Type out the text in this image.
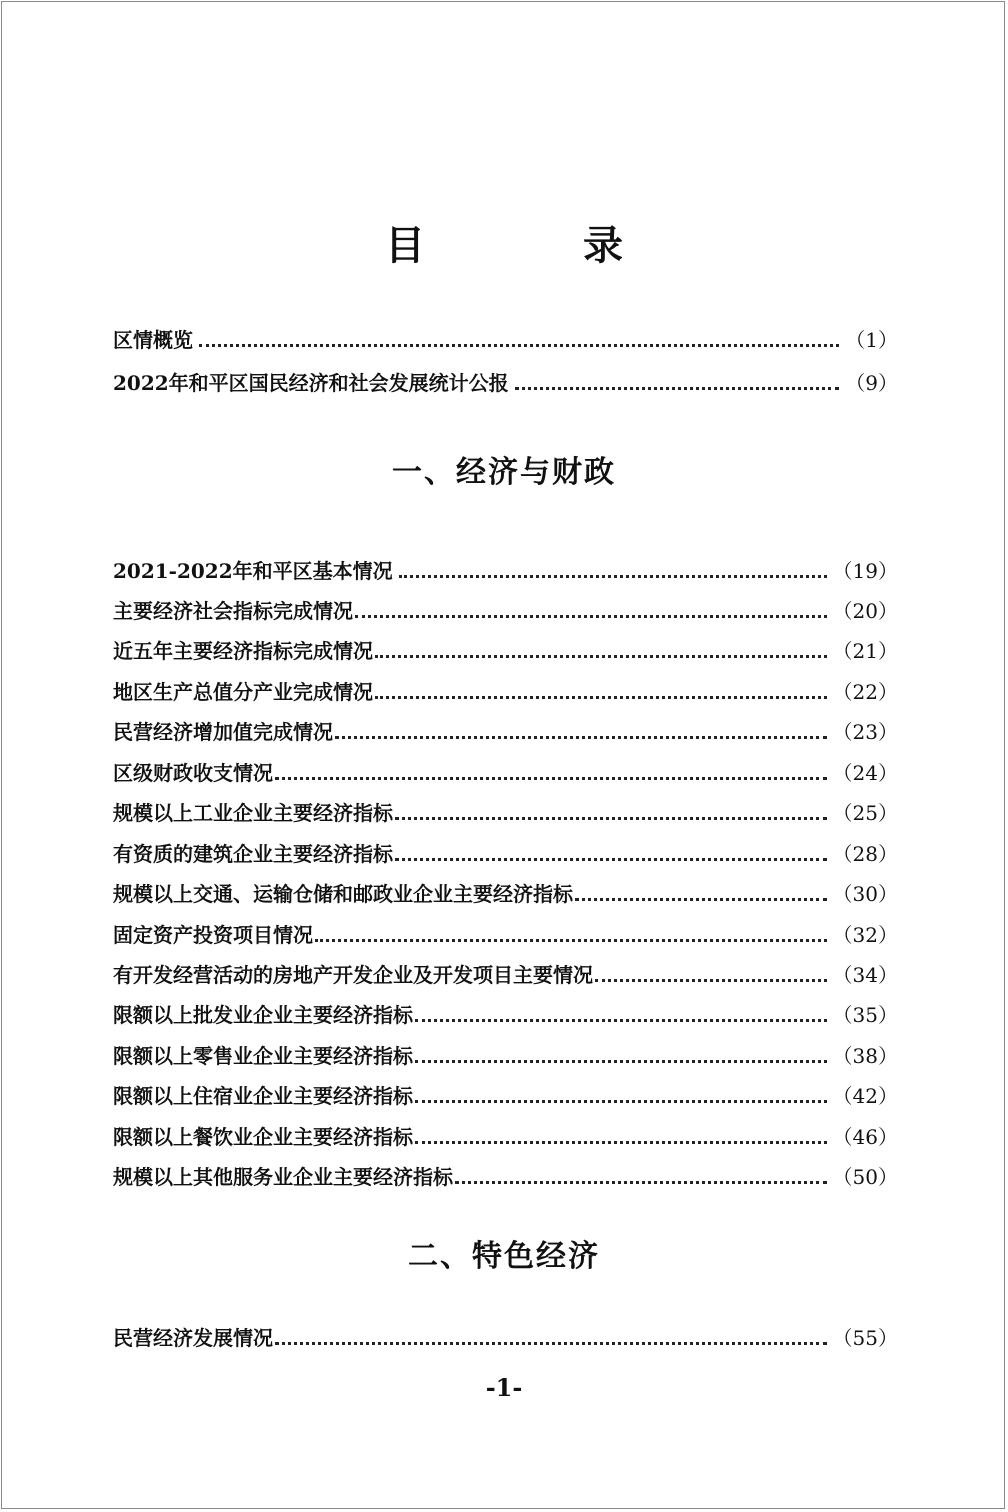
目 录
区情概览	（1）
2022年和平区国民经济和社会发展统计公报	（9）
一、经济与财政
2021-2022年和平区基本情况	（19）
主要经济社会指标完成情况	（20）
近五年主要经济指标完成情况	（21）
地区生产总值分产业完成情况	（22）
民营经济增加值完成情况	（23）
区级财政收支情况	（24）
规模以上工业企业主要经济指标	（25）
有资质的建筑企业主要经济指标	（28）
规模以上交通、运输仓储和邮政业企业主要经济指标	（30）
固定资产投资项目情况	（32）
有开发经营活动的房地产开发企业及开发项目主要情况	（34）
限额以上批发业企业主要经济指标	（35）
限额以上零售业企业主要经济指标	（38）
限额以上住宿业企业主要经济指标	（42）
限额以上餐饮业企业主要经济指标	（46）
规模以上其他服务业企业主要经济指标	（50）
二、特色经济
民营经济发展情况	（55）
-1-
